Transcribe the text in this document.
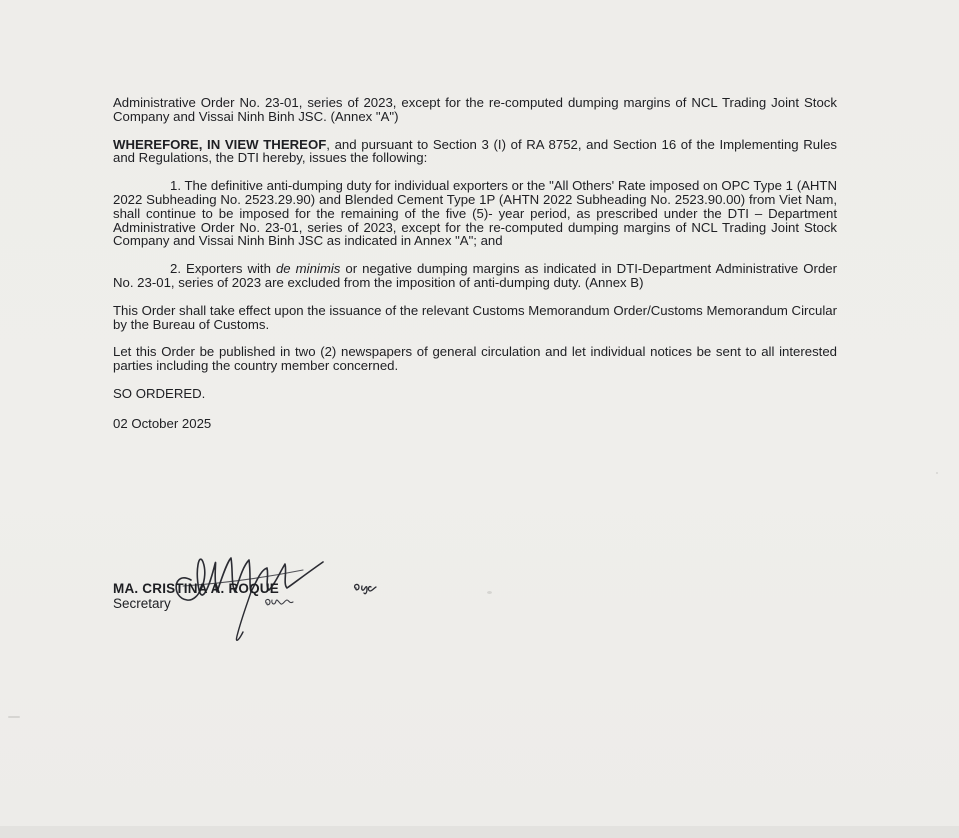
Administrative Order No. 23-01, series of 2023, except for the re-computed dumping margins of NCL Trading Joint Stock Company and Vissai Ninh Binh JSC. (Annex "A")

WHEREFORE, IN VIEW THEREOF, and pursuant to Section 3 (I) of RA 8752, and Section 16 of the Implementing Rules and Regulations, the DTI hereby, issues the following:

1. The definitive anti-dumping duty for individual exporters or the "All Others' Rate imposed on OPC Type 1 (AHTN 2022 Subheading No. 2523.29.90) and Blended Cement Type 1P (AHTN 2022 Subheading No. 2523.90.00) from Viet Nam, shall continue to be imposed for the remaining of the five (5)- year period, as prescribed under the DTI – Department Administrative Order No. 23-01, series of 2023, except for the re-computed dumping margins of NCL Trading Joint Stock Company and Vissai Ninh Binh JSC as indicated in Annex "A"; and

2. Exporters with de minimis or negative dumping margins as indicated in DTI-Department Administrative Order No. 23-01, series of 2023 are excluded from the imposition of anti-dumping duty. (Annex B)

This Order shall take effect upon the issuance of the relevant Customs Memorandum Order/Customs Memorandum Circular by the Bureau of Customs.

Let this Order be published in two (2) newspapers of general circulation and let individual notices be sent to all interested parties including the country member concerned.

SO ORDERED.

02 October 2025

MA. CRISTINA A. ROQUE
Secretary
